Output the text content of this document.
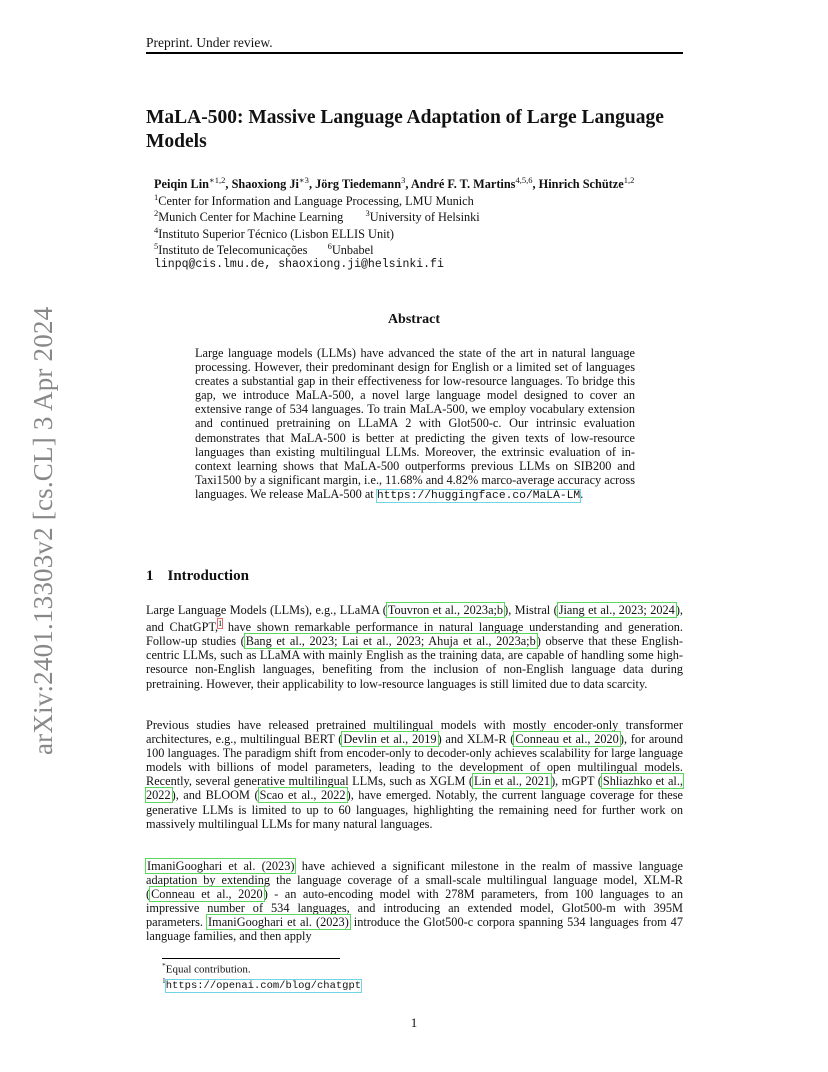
Preprint. Under review.
arXiv:2401.13303v2 [cs.CL] 3 Apr 2024
MaLA-500: Massive Language Adaptation of Large Language Models
Peiqin Lin$^{∗1,2}$, Shaoxiong $Ji^{∗3}$, Jörg Tiedemann$^3$, André F. T. Martins$^{4,5,6}$, Hinrich Schütze$^{1,2}$
$^1$Center for Information and Language Processing, LMU Munich
$^2$Munich Center for Machine Learning	$^3$University of Helsinki
$^4$Instituto Superior Técnico (Lisbon ELLIS Unit)
$^5$Instituto de Telecomunicações $^6$Unbabel
linpq@cis.lmu.de, shaoxiong.ji@helsinki.fi
Abstract
Large language models (LLMs) have advanced the state of the art in natural language processing. However, their predominant design for English or a limited set of languages creates a substantial gap in their effectiveness for low-resource languages. To bridge this gap, we introduce MaLA-500, a novel large language model designed to cover an extensive range of 534 languages. To train MaLA-500, we employ vocabulary extension and continued pretraining on LLaMA 2 with Glot500-c. Our intrinsic evaluation demonstrates that MaLA-500 is better at predicting the given texts of low-resource languages than existing multilingual LLMs. Moreover, the extrinsic evaluation of in-context learning shows that MaLA-500 outperforms previous LLMs on SIB200 and Taxi1500 by a significant margin, i.e., 11.68% and 4.82% marco-average accuracy across languages. We release MaLA-500 at https://huggingface.co/MaLA-LM.
1 Introduction
Large Language Models (LLMs), e.g., LLaMA (Touvron et al., 2023a;b), Mistral (Jiang et al., 2023; 2024), and ChatGPT,$^1$ have shown remarkable performance in natural language understanding and generation. Follow-up studies (Bang et al., 2023; Lai et al., 2023; Ahuja et al., 2023a;b) observe that these English-centric LLMs, such as LLaMA with mainly English as the training data, are capable of handling some high-resource non-English languages, benefiting from the inclusion of non-English language data during pretraining. However, their applicability to low-resource languages is still limited due to data scarcity.
Previous studies have released pretrained multilingual models with mostly encoder-only transformer architectures, e.g., multilingual BERT (Devlin et al., 2019) and XLM-R (Conneau et al., 2020), for around 100 languages. The paradigm shift from encoder-only to decoder-only achieves scalability for large language models with billions of model parameters, leading to the development of open multilingual models. Recently, several generative multilingual LLMs, such as XGLM (Lin et al., 2021), mGPT (Shliazhko et al., 2022), and BLOOM (Scao et al., 2022), have emerged. Notably, the current language coverage for these generative LLMs is limited to up to 60 languages, highlighting the remaining need for further work on massively multilingual LLMs for many natural languages.
ImaniGooghari et al. (2023) have achieved a significant milestone in the realm of massive language adaptation by extending the language coverage of a small-scale multilingual language model, XLM-R (Conneau et al., 2020) - an auto-encoding model with 278M parameters, from 100 languages to an impressive number of 534 languages, and introducing an extended model, Glot500-m with 395M parameters. ImaniGooghari et al. (2023) introduce the Glot500-c corpora spanning 534 languages from 47 language families, and then apply
*Equal contribution.
$^1$https://openai.com/blog/chatgpt
1
